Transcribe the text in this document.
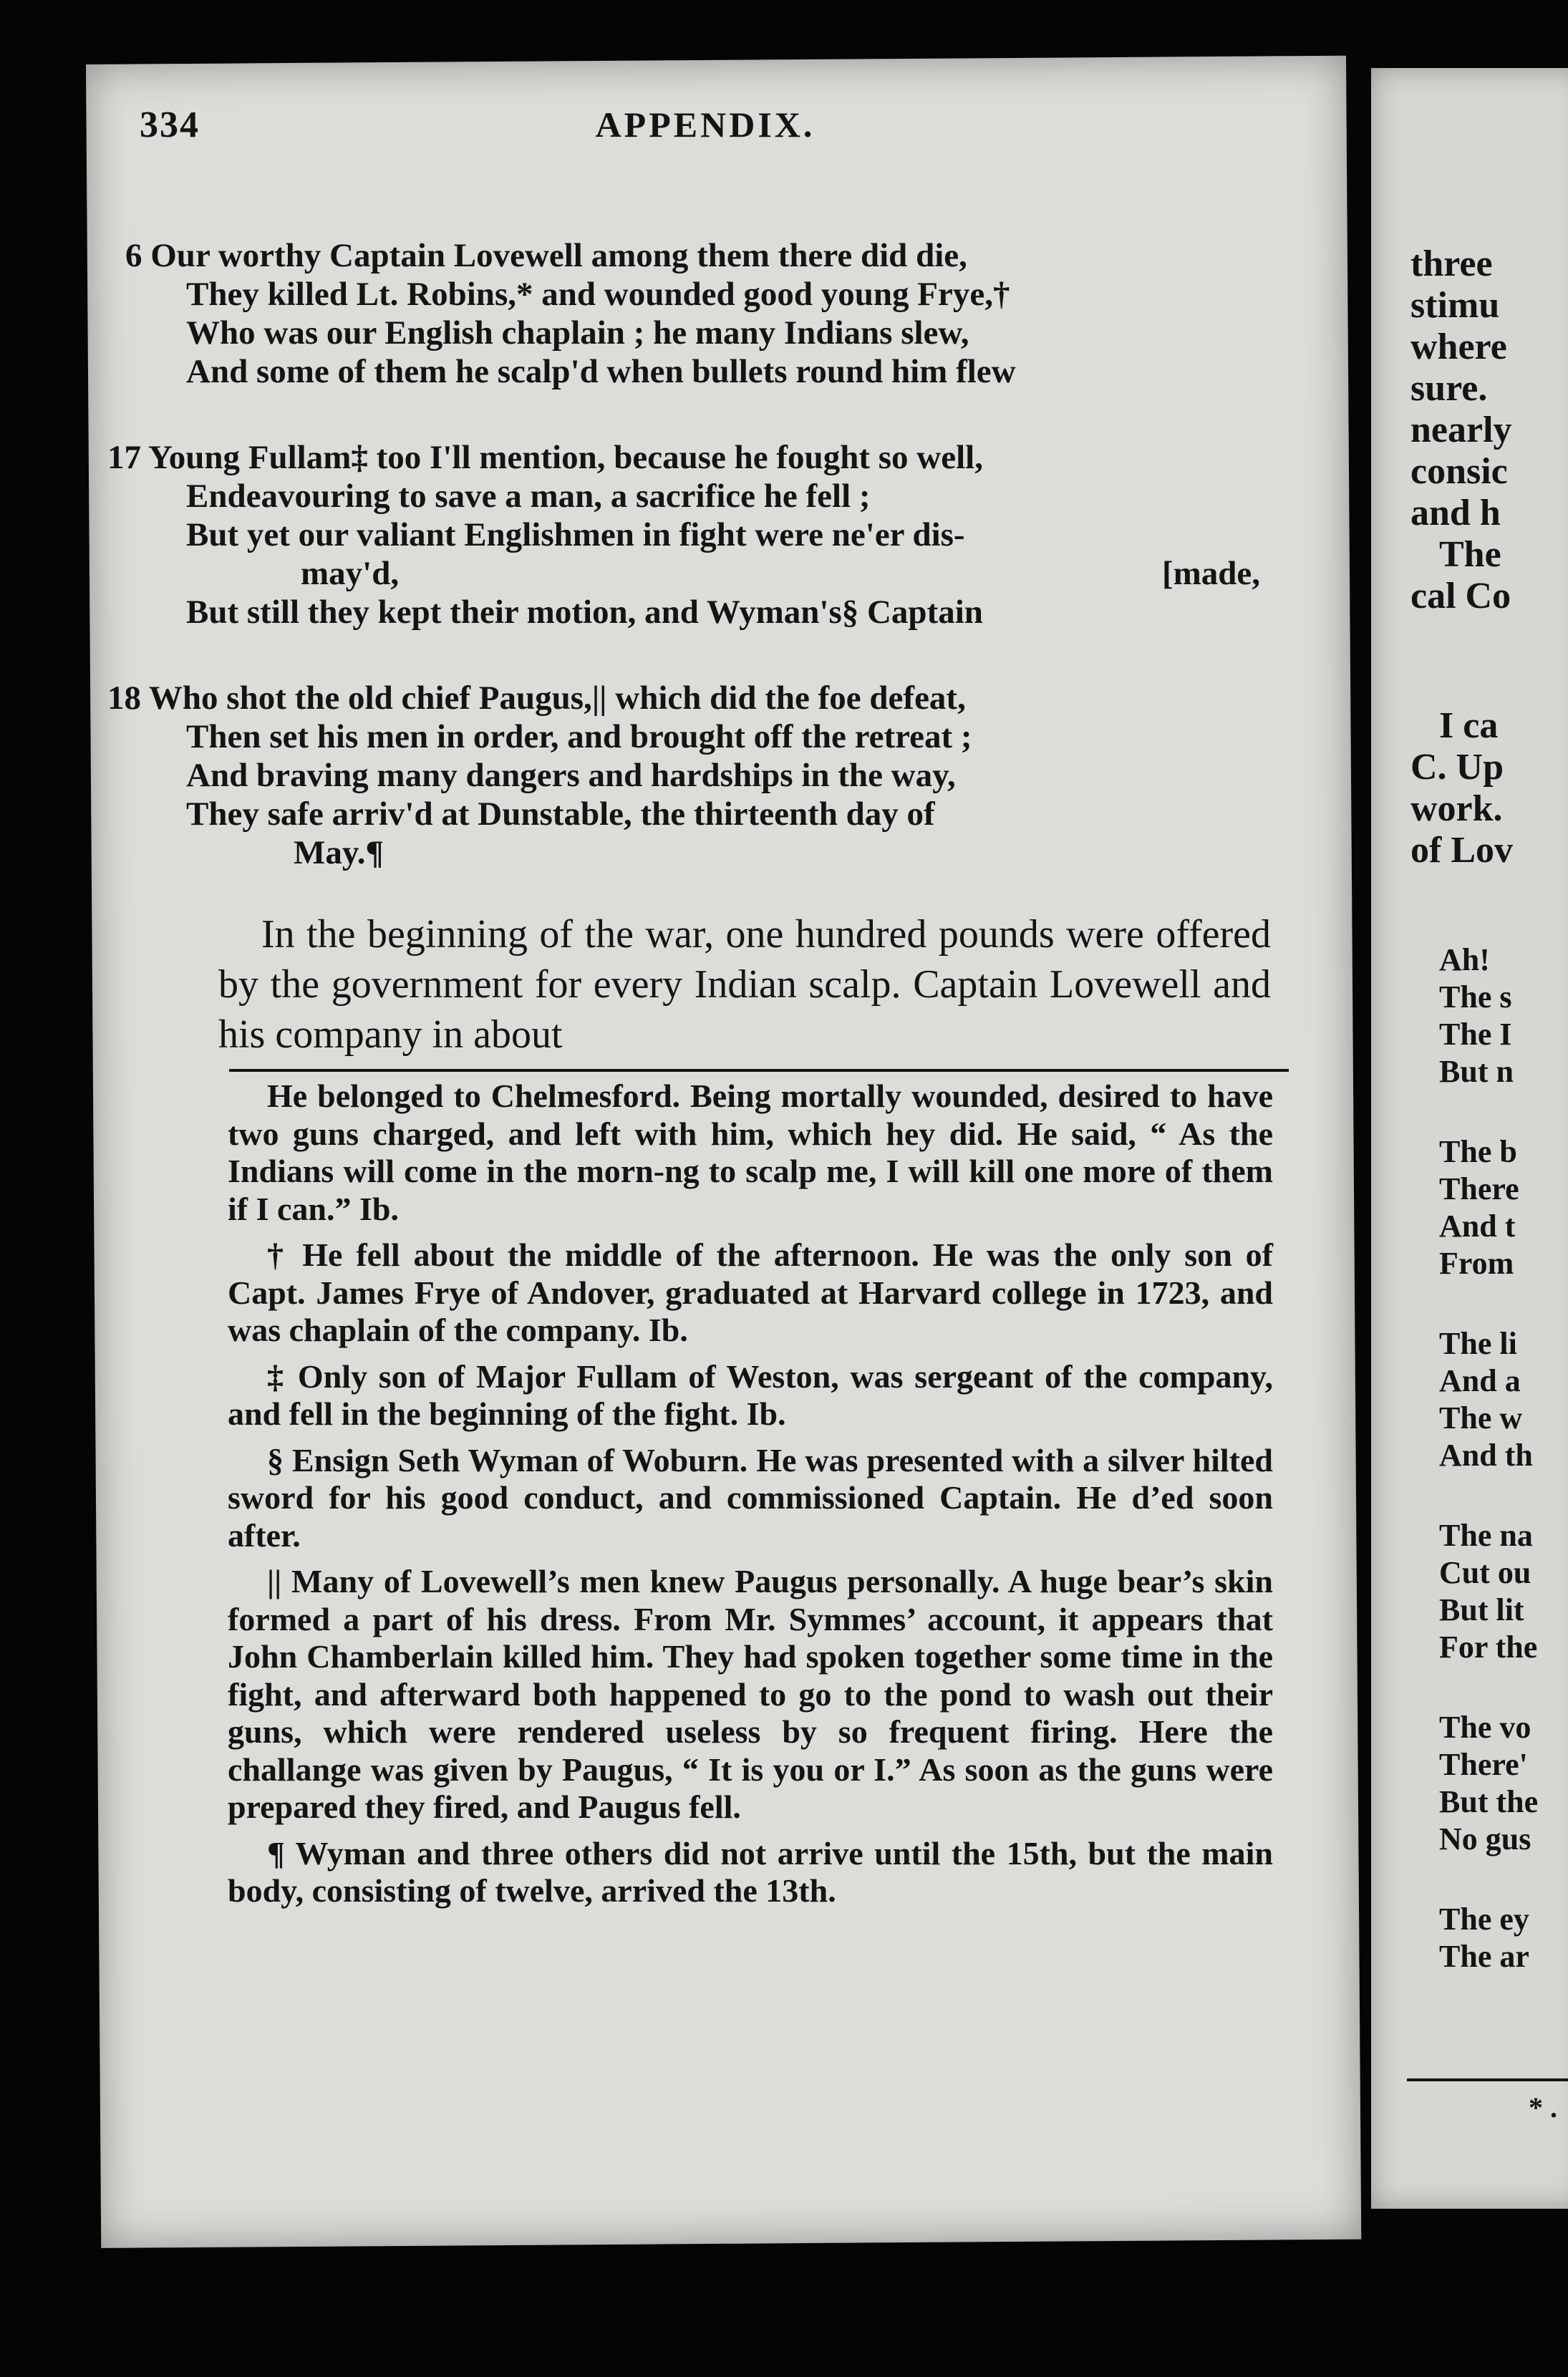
334	APPENDIX.
6 Our worthy Captain Lovewell among them there did die,
They killed Lt. Robins,* and wounded good young Frye,†
Who was our English chaplain ; he many Indians slew,
And some of them he scalp'd when bullets round him flew
17 Young Fullam‡ too I'll mention, because he fought so well,
Endeavouring to save a man, a sacrifice he fell ;
But yet our valiant Englishmen in fight were ne'er dis-
may'd,	[made,
But still they kept their motion, and Wyman's§ Captain
18 Who shot the old chief Paugus,|| which did the foe defeat,
Then set his men in order, and brought off the retreat ;
And braving many dangers and hardships in the way,
They safe arriv'd at Dunstable, the thirteenth day of
May.¶

In the beginning of the war, one hundred pounds were offered by the government for every Indian scalp. Captain Lovewell and his company in about

He belonged to Chelmesford. Being mortally wounded, desired to have two guns charged, and left with him, which hey did. He said, “ As the Indians will come in the morn-ng to scalp me, I will kill one more of them if I can.” Ib.

† He fell about the middle of the afternoon. He was the only son of Capt. James Frye of Andover, graduated at Harvard college in 1723, and was chaplain of the company. Ib.

‡ Only son of Major Fullam of Weston, was sergeant of the company, and fell in the beginning of the fight. Ib.

§ Ensign Seth Wyman of Woburn. He was presented with a silver hilted sword for his good conduct, and commissioned Captain. He d’ed soon after.

|| Many of Lovewell’s men knew Paugus personally. A huge bear’s skin formed a part of his dress. From Mr. Symmes’ account, it appears that John Chamberlain killed him. They had spoken together some time in the fight, and afterward both happened to go to the pond to wash out their guns, which were rendered useless by so frequent firing. Here the challange was given by Paugus, “ It is you or I.” As soon as the guns were prepared they fired, and Paugus fell.

¶ Wyman and three others did not arrive until the 15th, but the main body, consisting of twelve, arrived the 13th.

three
stimu
where
sure.
nearly
consic
and h
The
cal Co
I ca
C. Up
work.
of Lov
Ah!
The s
The I
But n
The b
There
And t
From
The li
And a
The w
And th
The na
Cut ou
But lit
For the
The vo
There'
But the
No gus
The ey
The ar
* .
